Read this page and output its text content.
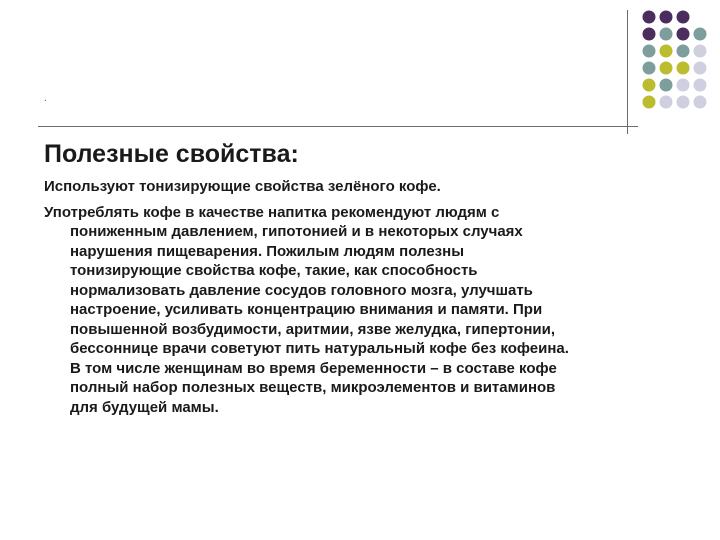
.
Полезные свойства:

Используют тонизирующие свойства зелёного кофе.

Употреблять кофе в качестве напитка рекомендуют людям с
пониженным давлением, гипотонией и в некоторых случаях
нарушения пищеварения. Пожилым людям полезны
тонизирующие свойства кофе, такие, как способность
нормализовать давление сосудов головного мозга, улучшать
настроение, усиливать концентрацию внимания и памяти. При
повышенной возбудимости, аритмии, язве желудка, гипертонии,
бессоннице врачи советуют пить натуральный кофе без кофеина.
В том числе женщинам во время беременности – в составе кофе
полный набор полезных веществ, микроэлементов и витаминов
для будущей мамы.
